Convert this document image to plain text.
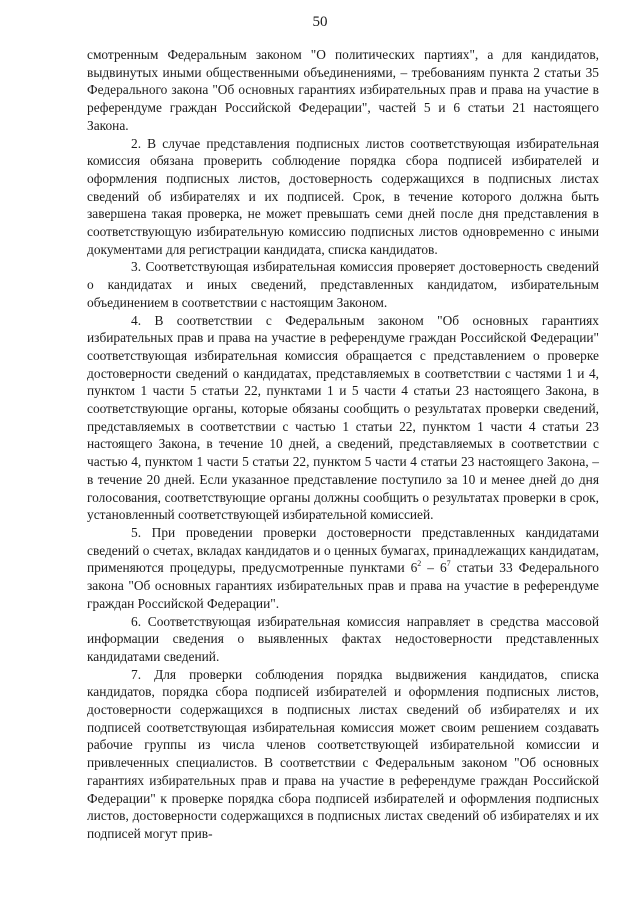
50

смотренным Федеральным законом "О политических партиях", а для кандидатов, выдвинутых иными общественными объединениями, – требованиям пункта 2 статьи 35 Федерального закона "Об основных гарантиях избирательных прав и права на участие в референдуме граждан Российской Федерации", частей 5 и 6 статьи 21 настоящего Закона.

2. В случае представления подписных листов соответствующая избирательная комиссия обязана проверить соблюдение порядка сбора подписей избирателей и оформления подписных листов, достоверность содержащихся в подписных листах сведений об избирателях и их подписей. Срок, в течение которого должна быть завершена такая проверка, не может превышать семи дней после дня представления в соответствующую избирательную комиссию подписных листов одновременно с иными документами для регистрации кандидата, списка кандидатов.

3. Соответствующая избирательная комиссия проверяет достоверность сведений о кандидатах и иных сведений, представленных кандидатом, избирательным объединением в соответствии с настоящим Законом.

4. В соответствии с Федеральным законом "Об основных гарантиях избирательных прав и права на участие в референдуме граждан Российской Федерации" соответствующая избирательная комиссия обращается с представлением о проверке достоверности сведений о кандидатах, представляемых в соответствии с частями 1 и 4, пунктом 1 части 5 статьи 22, пунктами 1 и 5 части 4 статьи 23 настоящего Закона, в соответствующие органы, которые обязаны сообщить о результатах проверки сведений, представляемых в соответствии с частью 1 статьи 22, пунктом 1 части 4 статьи 23 настоящего Закона, в течение 10 дней, а сведений, представляемых в соответствии с частью 4, пунктом 1 части 5 статьи 22, пунктом 5 части 4 статьи 23 настоящего Закона, – в течение 20 дней. Если указанное представление поступило за 10 и менее дней до дня голосования, соответствующие органы должны сообщить о результатах проверки в срок, установленный соответствующей избирательной комиссией.

5. При проведении проверки достоверности представленных кандидатами сведений о счетах, вкладах кандидатов и о ценных бумагах, принадлежащих кандидатам, применяются процедуры, предусмотренные пунктами $6^2 - 6^7$ статьи 33 Федерального закона "Об основных гарантиях избирательных прав и права на участие в референдуме граждан Российской Федерации".

6. Соответствующая избирательная комиссия направляет в средства массовой информации сведения о выявленных фактах недостоверности представленных кандидатами сведений.

7. Для проверки соблюдения порядка выдвижения кандидатов, списка кандидатов, порядка сбора подписей избирателей и оформления подписных листов, достоверности содержащихся в подписных листах сведений об избирателях и их подписей соответствующая избирательная комиссия может своим решением создавать рабочие группы из числа членов соответствующей избирательной комиссии и привлеченных специалистов. В соответствии с Федеральным законом "Об основных гарантиях избирательных прав и права на участие в референдуме граждан Российской Федерации" к проверке порядка сбора подписей избирателей и оформления подписных листов, достоверности содержащихся в подписных листах сведений об избирателях и их подписей могут прив-
